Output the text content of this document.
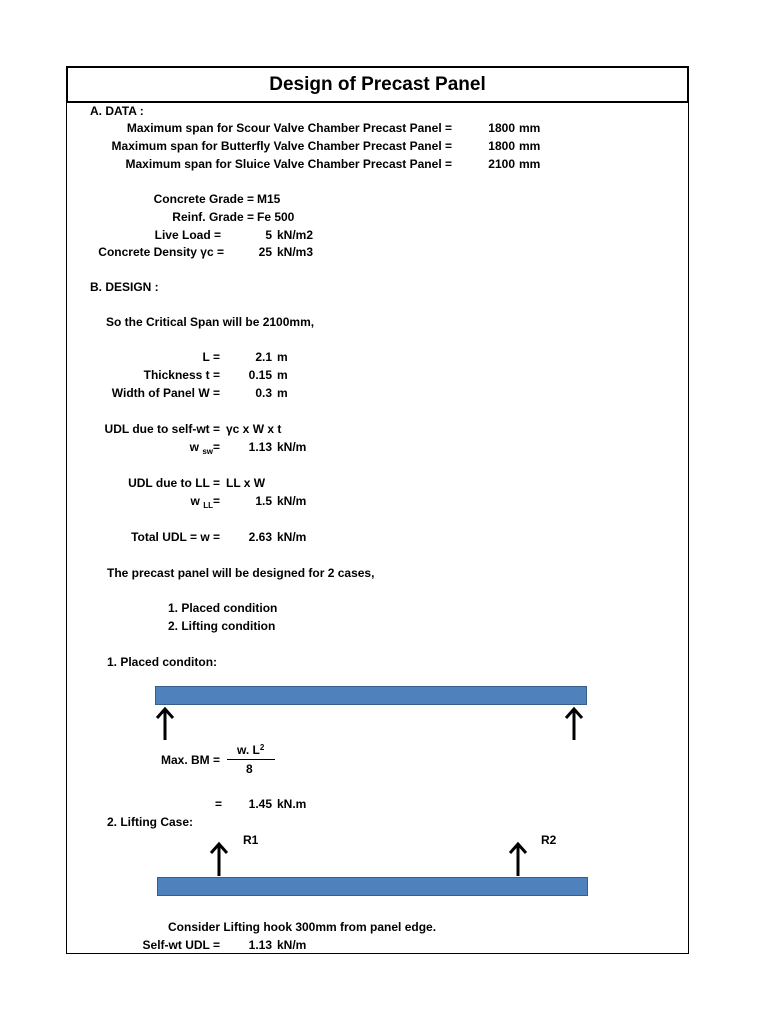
Design of Precast Panel
A. DATA :
Maximum span for Scour Valve Chamber Precast Panel =	1800 mm
Maximum span for Butterfly Valve Chamber Precast Panel =	1800 mm
Maximum span for Sluice Valve Chamber Precast Panel =	2100 mm
Concrete Grade = M15
Reinf. Grade = Fe 500
Live Load =	5 kN/m2
Concrete Density γc =	25 kN/m3
B. DESIGN :
So the Critical Span will be 2100mm,
L =	2.1 m
Thickness t = 0.15 m
Width of Panel W =	0.3 m
UDL due to self-wt = γc x W x t
w $_{sw}$= 1.13 kN/m
UDL due to LL = LL x W
w $_{LL}$=	1.5 kN/m
Total UDL = w = 2.63 kN/m
The precast panel will be designed for 2 cases,
1. Placed condition
2. Lifting condition
1. Placed conditon:
Max. BM =
w. $L^2$
8
= 1.45 kN.m
2. Lifting Case:
R1	R2
Consider Lifting hook 300mm from panel edge.
Self-wt UDL = 1.13 kN/m
